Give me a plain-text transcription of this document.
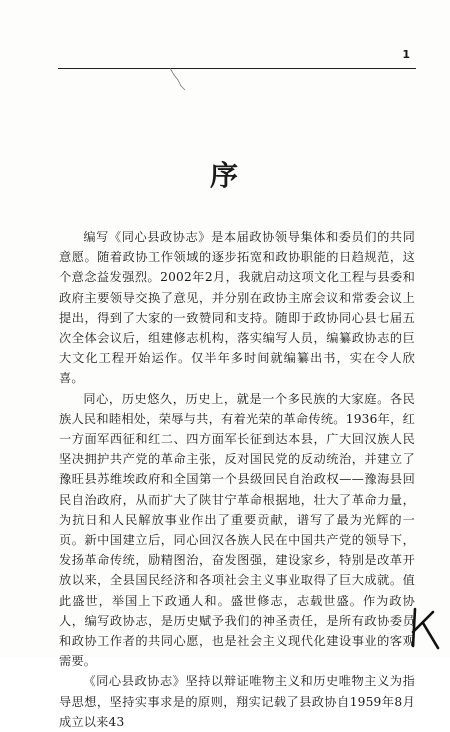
1
序

编写《同心县政协志》是本届政协领导集体和委员们的共同意愿。随着政协工作领域的逐步拓宽和政协职能的日趋规范，这个意念益发强烈。2002年2月，我就启动这项文化工程与县委和政府主要领导交换了意见，并分别在政协主席会议和常委会议上提出，得到了大家的一致赞同和支持。随即于政协同心县七届五次全体会议后，组建修志机构，落实编写人员，编纂政协志的巨大文化工程开始运作。仅半年多时间就编纂出书，实在令人欣喜。

同心，历史悠久，历史上，就是一个多民族的大家庭。各民族人民和睦相处，荣辱与共，有着光荣的革命传统。1936年，红一方面军西征和红二、四方面军长征到达本县，广大回汉族人民坚决拥护共产党的革命主张，反对国民党的反动统治，并建立了豫旺县苏维埃政府和全国第一个县级回民自治政权——豫海县回民自治政府，从而扩大了陕甘宁革命根据地，壮大了革命力量，为抗日和人民解放事业作出了重要贡献，谱写了最为光辉的一页。新中国建立后，同心回汉各族人民在中国共产党的领导下，发扬革命传统，励精图治，奋发图强，建设家乡，特别是改革开放以来，全县国民经济和各项社会主义事业取得了巨大成就。值此盛世，举国上下政通人和。盛世修志，志载世盛。作为政协人，编写政协志，是历史赋予我们的神圣责任，是所有政协委员和政协工作者的共同心愿，也是社会主义现代化建设事业的客观需要。

《同心县政协志》坚持以辩证唯物主义和历史唯物主义为指导思想，坚持实事求是的原则，翔实记载了县政协自1959年8月成立以来43
